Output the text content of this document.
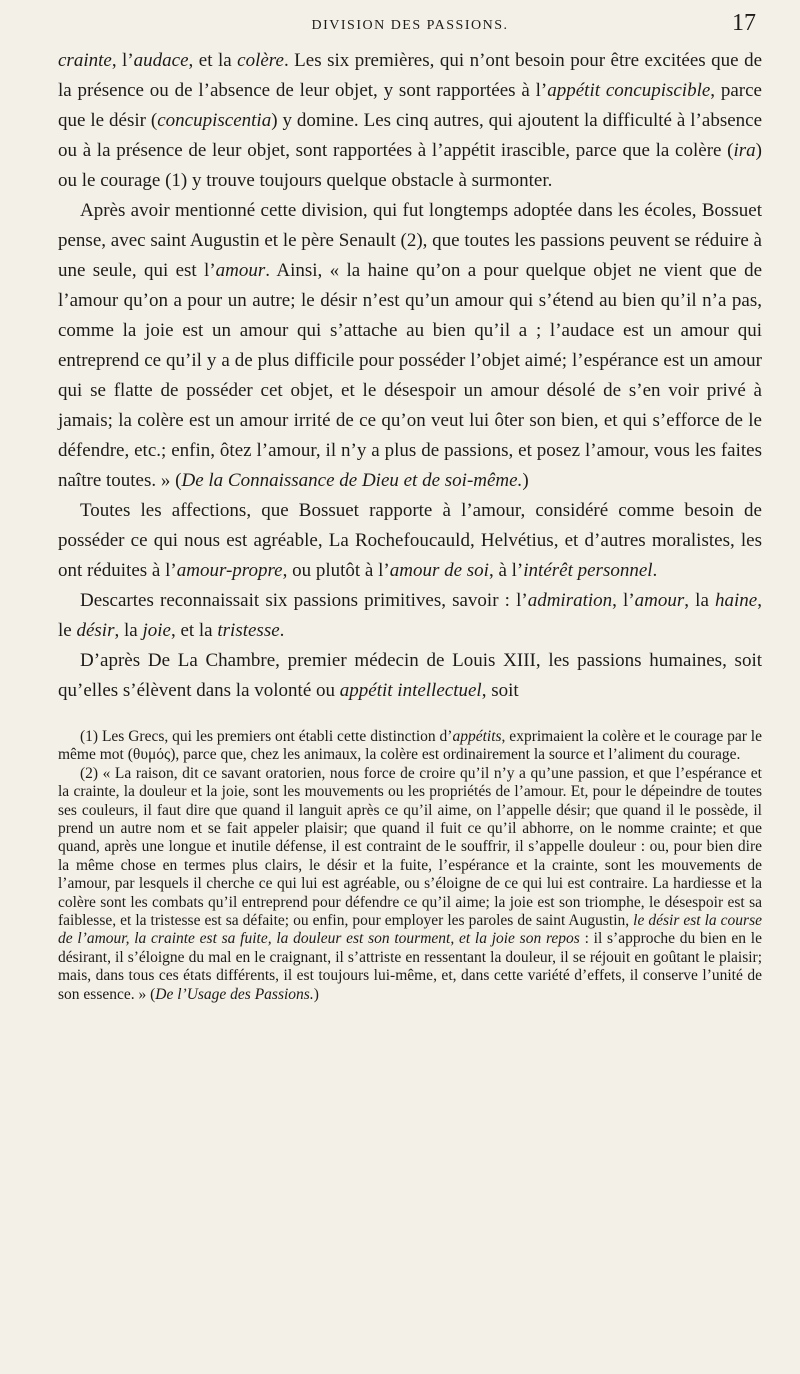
DIVISION DES PASSIONS.	17

crainte, l’audace, et la colère. Les six premières, qui n’ont besoin pour être excitées que de la présence ou de l’absence de leur objet, y sont rapportées à l’appétit concupiscible, parce que le désir (concupiscentia) y domine. Les cinq autres, qui ajoutent la difficulté à l’absence ou à la présence de leur objet, sont rapportées à l’appétit irascible, parce que la colère (ira) ou le courage (1) y trouve toujours quelque obstacle à surmonter.

Après avoir mentionné cette division, qui fut longtemps adoptée dans les écoles, Bossuet pense, avec saint Augustin et le père Senault (2), que toutes les passions peuvent se réduire à une seule, qui est l’amour. Ainsi, « la haine qu’on a pour quelque objet ne vient que de l’amour qu’on a pour un autre; le désir n’est qu’un amour qui s’étend au bien qu’il n’a pas, comme la joie est un amour qui s’attache au bien qu’il a ; l’audace est un amour qui entreprend ce qu’il y a de plus difficile pour posséder l’objet aimé; l’espérance est un amour qui se flatte de posséder cet objet, et le désespoir un amour désolé de s’en voir privé à jamais; la colère est un amour irrité de ce qu’on veut lui ôter son bien, et qui s’efforce de le défendre, etc.; enfin, ôtez l’amour, il n’y a plus de passions, et posez l’amour, vous les faites naître toutes. » (De la Connaissance de Dieu et de soi-même.)

Toutes les affections, que Bossuet rapporte à l’amour, considéré comme besoin de posséder ce qui nous est agréable, La Rochefoucauld, Helvétius, et d’autres moralistes, les ont réduites à l’amour-propre, ou plutôt à l’amour de soi, à l’intérêt personnel.

Descartes reconnaissait six passions primitives, savoir : l’admiration, l’amour, la haine, le désir, la joie, et la tristesse.

D’après De La Chambre, premier médecin de Louis XIII, les passions humaines, soit qu’elles s’élèvent dans la volonté ou appétit intellectuel, soit

(1) Les Grecs, qui les premiers ont établi cette distinction d’appétits, exprimaient la colère et le courage par le même mot (θυμός), parce que, chez les animaux, la colère est ordinairement la source et l’aliment du courage.

(2) « La raison, dit ce savant oratorien, nous force de croire qu’il n’y a qu’une passion, et que l’espérance et la crainte, la douleur et la joie, sont les mouvements ou les propriétés de l’amour. Et, pour le dépeindre de toutes ses couleurs, il faut dire que quand il languit après ce qu’il aime, on l’appelle désir; que quand il le possède, il prend un autre nom et se fait appeler plaisir; que quand il fuit ce qu’il abhorre, on le nomme crainte; et que quand, après une longue et inutile défense, il est contraint de le souffrir, il s’appelle douleur : ou, pour bien dire la même chose en termes plus clairs, le désir et la fuite, l’espérance et la crainte, sont les mouvements de l’amour, par lesquels il cherche ce qui lui est agréable, ou s’éloigne de ce qui lui est contraire. La hardiesse et la colère sont les combats qu’il entreprend pour défendre ce qu’il aime; la joie est son triomphe, le désespoir est sa faiblesse, et la tristesse est sa défaite; ou enfin, pour employer les paroles de saint Augustin, le désir est la course de l’amour, la crainte est sa fuite, la douleur est son tourment, et la joie son repos : il s’approche du bien en le désirant, il s’éloigne du mal en le craignant, il s’attriste en ressentant la douleur, il se réjouit en goûtant le plaisir; mais, dans tous ces états différents, il est toujours lui-même, et, dans cette variété d’effets, il conserve l’unité de son essence. » (De l’Usage des Passions.)
